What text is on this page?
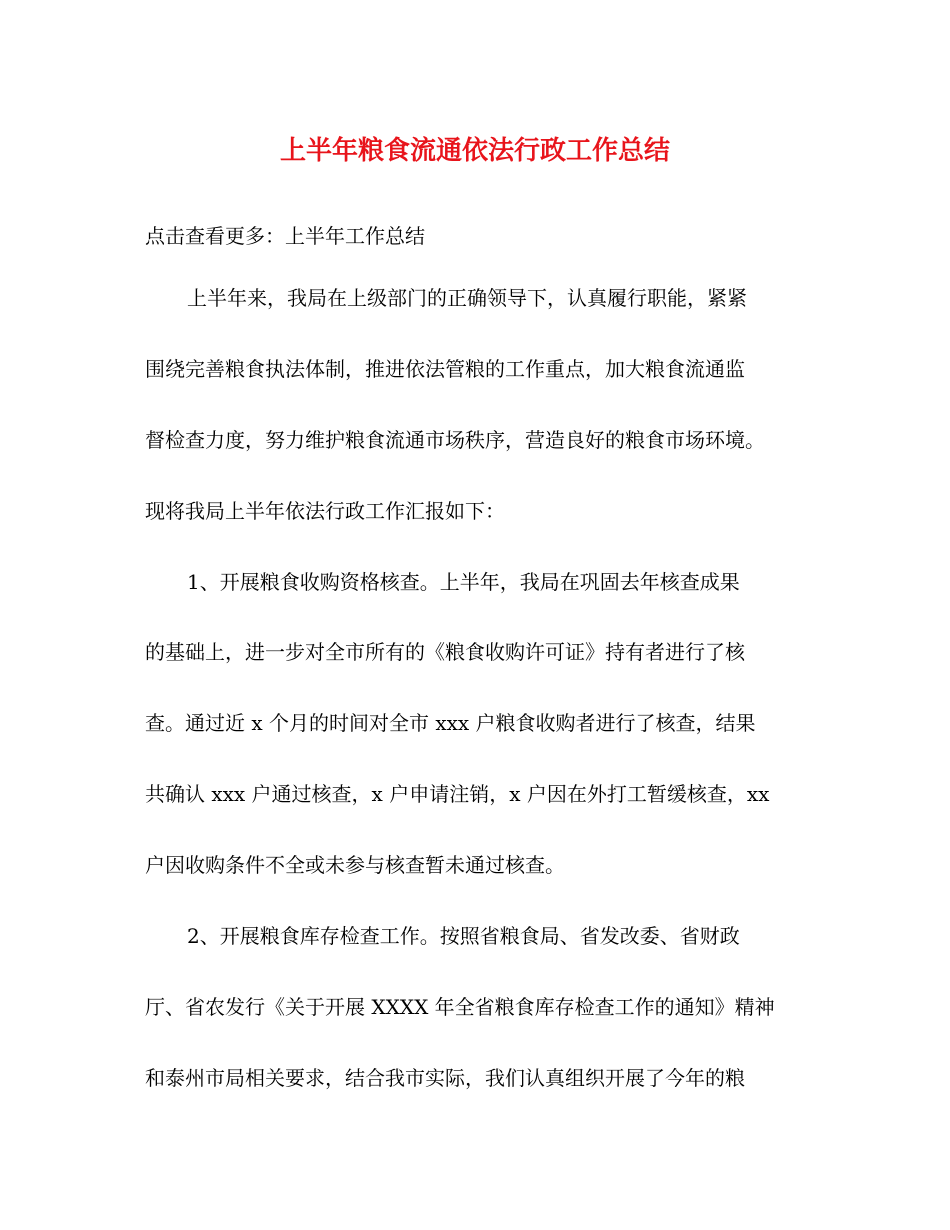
上半年粮食流通依法行政工作总结
点击查看更多：上半年工作总结
上半年来，我局在上级部门的正确领导下，认真履行职能，紧紧
围绕完善粮食执法体制，推进依法管粮的工作重点，加大粮食流通监
督检查力度，努力维护粮食流通市场秩序，营造良好的粮食市场环境。
现将我局上半年依法行政工作汇报如下：
1、开展粮食收购资格核查。上半年，我局在巩固去年核查成果
的基础上，进一步对全市所有的《粮食收购许可证》持有者进行了核
查。通过近 x 个月的时间对全市 xxx 户粮食收购者进行了核查，结果
共确认 xxx 户通过核查，x 户申请注销，x 户因在外打工暂缓核查，xx
户因收购条件不全或未参与核查暂未通过核查。
2、开展粮食库存检查工作。按照省粮食局、省发改委、省财政
厅、省农发行《关于开展 XXXX 年全省粮食库存检查工作的通知》精神
和泰州市局相关要求，结合我市实际，我们认真组织开展了今年的粮
